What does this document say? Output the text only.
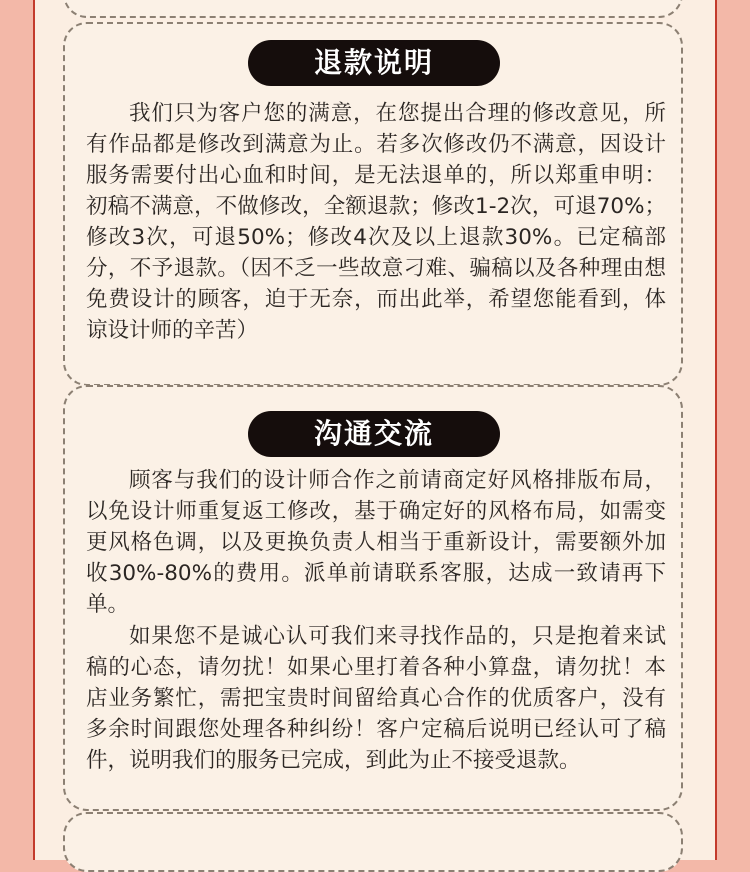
退款说明

我们只为客户您的满意，在您提出合理的修改意见，所有作品都是修改到满意为止。若多次修改仍不满意，因设计服务需要付出心血和时间，是无法退单的，所以郑重申明：初稿不满意，不做修改，全额退款；修改1-2次，可退70%；修改3次，可退50%；修改4次及以上退款30%。已定稿部分，不予退款。（因不乏一些故意刁难、骗稿以及各种理由想免费设计的顾客，迫于无奈，而出此举，希望您能看到，体谅设计师的辛苦）

沟通交流

顾客与我们的设计师合作之前请商定好风格排版布局，以免设计师重复返工修改，基于确定好的风格布局，如需变更风格色调，以及更换负责人相当于重新设计，需要额外加收30%-80%的费用。派单前请联系客服，达成一致请再下单。

如果您不是诚心认可我们来寻找作品的，只是抱着来试稿的心态，请勿扰！如果心里打着各种小算盘，请勿扰！本店业务繁忙，需把宝贵时间留给真心合作的优质客户，没有多余时间跟您处理各种纠纷！客户定稿后说明已经认可了稿件，说明我们的服务已完成，到此为止不接受退款。
